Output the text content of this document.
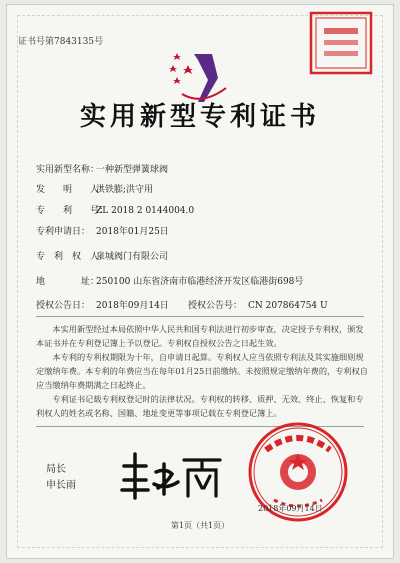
证书号第7843135号
实用新型专利证书
实用新型名称：一种新型弹簧球阀
发　　明　　人：洪铁膨;洪守用
专　　利　　号：ZL 2018 2 0144004.0
专利申请日： 2018年01月25日
专　利　权　人：泉城阀门有限公司
地　　　　址：250100 山东省济南市临港经济开发区临港街698号
授权公告日： 2018年09月14日 授权公告号： CN 207864754 U
本实用新型经过本局依照中华人民共和国专利法进行初步审查，决定授予专利权，颁发本证书并在专利登记簿上予以登记。专利权自授权公告之日起生效。
本专利的专利权期限为十年，自申请日起算。专利权人应当依照专利法及其实施细则规定缴纳年费。本专利的年费应当在每年01月25日前缴纳。未按照规定缴纳年费的，专利权自应当缴纳年费期满之日起终止。
专利证书记载专利权登记时的法律状况。专利权的转移、质押、无效、终止、恢复和专利权人的姓名或名称、国籍、地址变更等事项记载在专利登记簿上。
局长
申长雨
2018年09月14日
第1页（共1页）
